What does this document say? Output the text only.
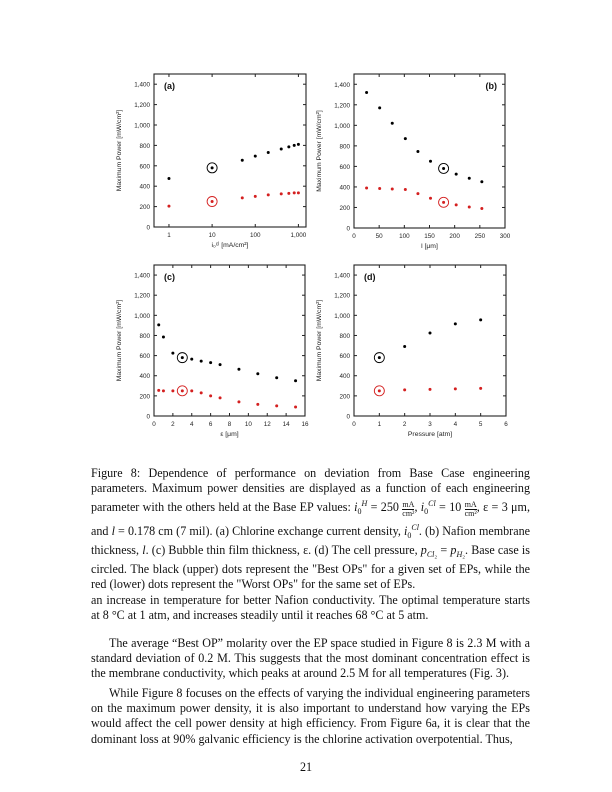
0
200
400
600
800
1,000
1,200
1,400
1	10	100	1,000
i₀ᶜˡ [mA/cm²]
Maximum Power [mW/cm²]
(a)
0
200
400
600
800
1,000
1,200
1,400
0	50	100 150 200 250 300
l [μm]
Maximum Power [mW/cm²]
(b)
0
200
400
600
800
1,000
1,200
1,400
0 2 4 6 8 10 12 14 16
ε [μm]
Maximum Power [mW/cm²]
(c)
0
200
400
600
800
1,000
1,200
1,400
0	1	2	3	4	5	6
Pressure [atm]
Maximum Power [mW/cm²]
(d)
Figure 8: Dependence of performance on deviation from Base Case engineering parameters. Maximum power densities are displayed as a function of each engineering parameter with the others held at the Base EP values: $i_0^H = 250 \frac{mA}{\text{cm²}}$ , $i_0^{Cl} = 10 \frac{mA}{\text{cm²}}$ , ε = 3 μm, and l = 0.178 cm (7 mil). (a) Chlorine exchange current density, $i_0^{Cl}$. (b) Nafion membrane thickness, l. (c) Bubble thin film thickness, ε. (d) The cell pressure, $p_{Cl_2} = p_{H_2}$. Base case is circled. The black (upper) dots represent the "Best OPs" for a given set of EPs, while the red (lower) dots represent the "Worst OPs" for the same set of EPs.
an increase in temperature for better Nafion conductivity. The optimal temperature starts at 8 °C at 1 atm, and increases steadily until it reaches 68 °C at 5 atm.
The average “Best OP” molarity over the EP space studied in Figure 8 is 2.3 M with a standard deviation of 0.2 M. This suggests that the most dominant concentration effect is the membrane conductivity, which peaks at around 2.5 M for all temperatures (Fig. 3).
While Figure 8 focuses on the effects of varying the individual engineering parameters on the maximum power density, it is also important to understand how varying the EPs would affect the cell power density at high efficiency. From Figure 6a, it is clear that the dominant loss at 90% galvanic efficiency is the chlorine activation overpotential. Thus,
21
